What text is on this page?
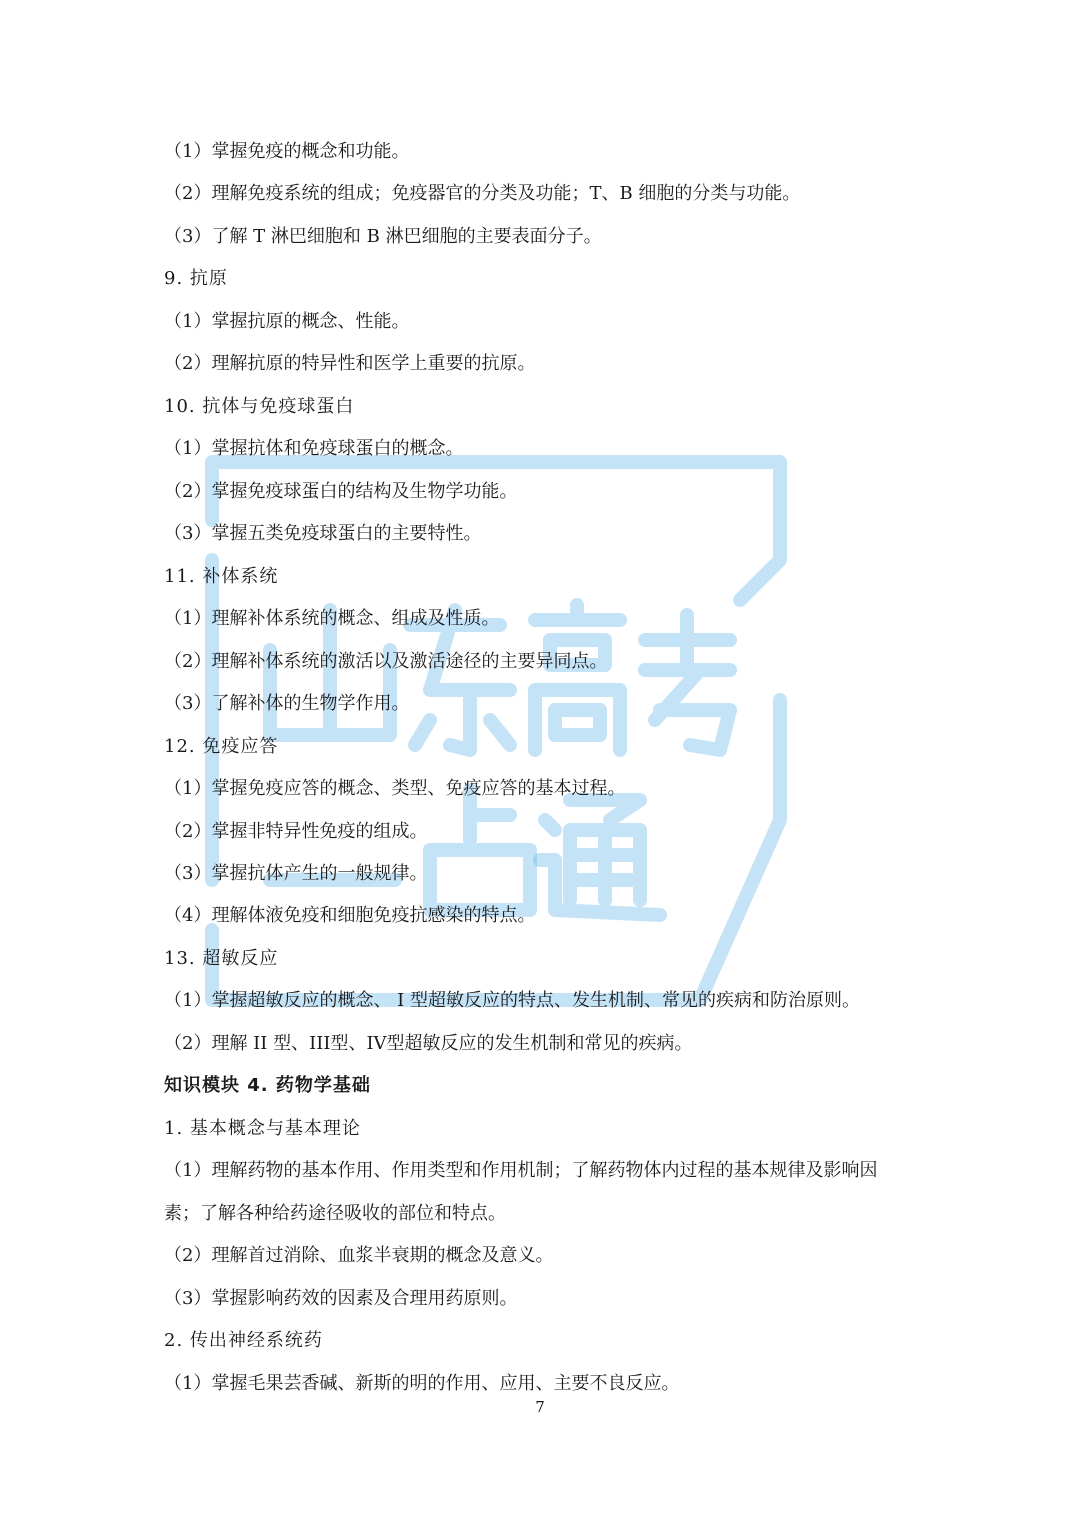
（1）掌握免疫的概念和功能。
（2）理解免疫系统的组成；免疫器官的分类及功能；T、B 细胞的分类与功能。
（3）了解 T 淋巴细胞和 B 淋巴细胞的主要表面分子。
9. 抗原
（1）掌握抗原的概念、性能。
（2）理解抗原的特异性和医学上重要的抗原。
10. 抗体与免疫球蛋白
（1）掌握抗体和免疫球蛋白的概念。
（2）掌握免疫球蛋白的结构及生物学功能。
（3）掌握五类免疫球蛋白的主要特性。
11. 补体系统
（1）理解补体系统的概念、组成及性质。
（2）理解补体系统的激活以及激活途径的主要异同点。
（3）了解补体的生物学作用。
12. 免疫应答
（1）掌握免疫应答的概念、类型、免疫应答的基本过程。
（2）掌握非特异性免疫的组成。
（3）掌握抗体产生的一般规律。
（4）理解体液免疫和细胞免疫抗感染的特点。
13. 超敏反应
（1）掌握超敏反应的概念、 I 型超敏反应的特点、发生机制、常见的疾病和防治原则。
（2）理解 II 型、III型、IV型超敏反应的发生机制和常见的疾病。
知识模块 4. 药物学基础
1. 基本概念与基本理论
（1）理解药物的基本作用、作用类型和作用机制；了解药物体内过程的基本规律及影响因
素；了解各种给药途径吸收的部位和特点。
（2）理解首过消除、血浆半衰期的概念及意义。
（3）掌握影响药效的因素及合理用药原则。
2. 传出神经系统药
（1）掌握毛果芸香碱、新斯的明的作用、应用、主要不良反应。
7
